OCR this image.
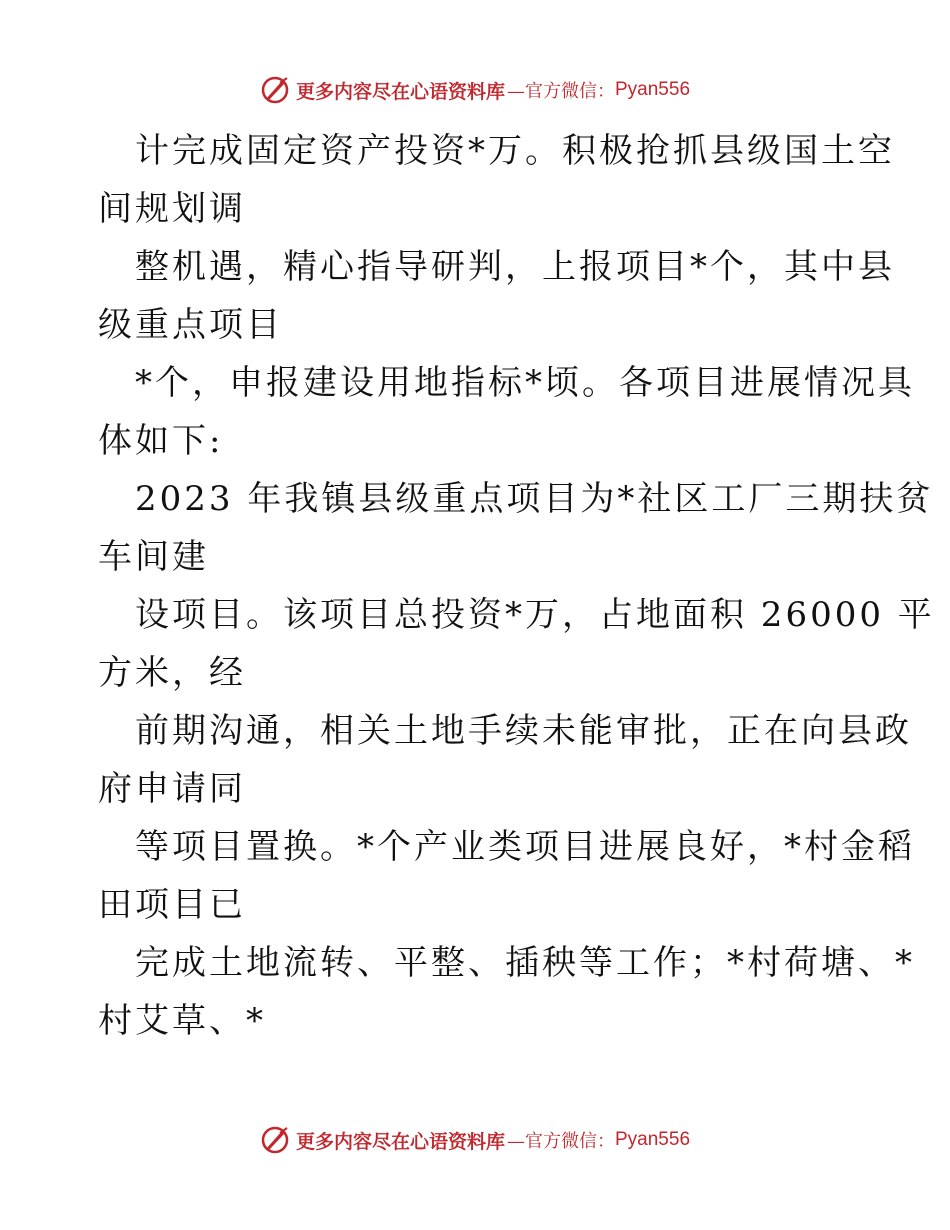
更多内容尽在心语资料库 —官方微信： Pyan556
计完成固定资产投资*万。积极抢抓县级国土空
间规划调
整机遇，精心指导研判，上报项目*个，其中县
级重点项目
*个，申报建设用地指标*顷。各项目进展情况具
体如下:
2023 年我镇县级重点项目为*社区工厂三期扶贫
车间建
设项目。该项目总投资*万，占地面积 26000 平
方米，经
前期沟通，相关土地手续未能审批，正在向县政
府申请同
等项目置换。*个产业类项目进展良好，*村金稻
田项目已
完成土地流转、平整、插秧等工作；*村荷塘、*
村艾草、*
更多内容尽在心语资料库 —官方微信： Pyan556
